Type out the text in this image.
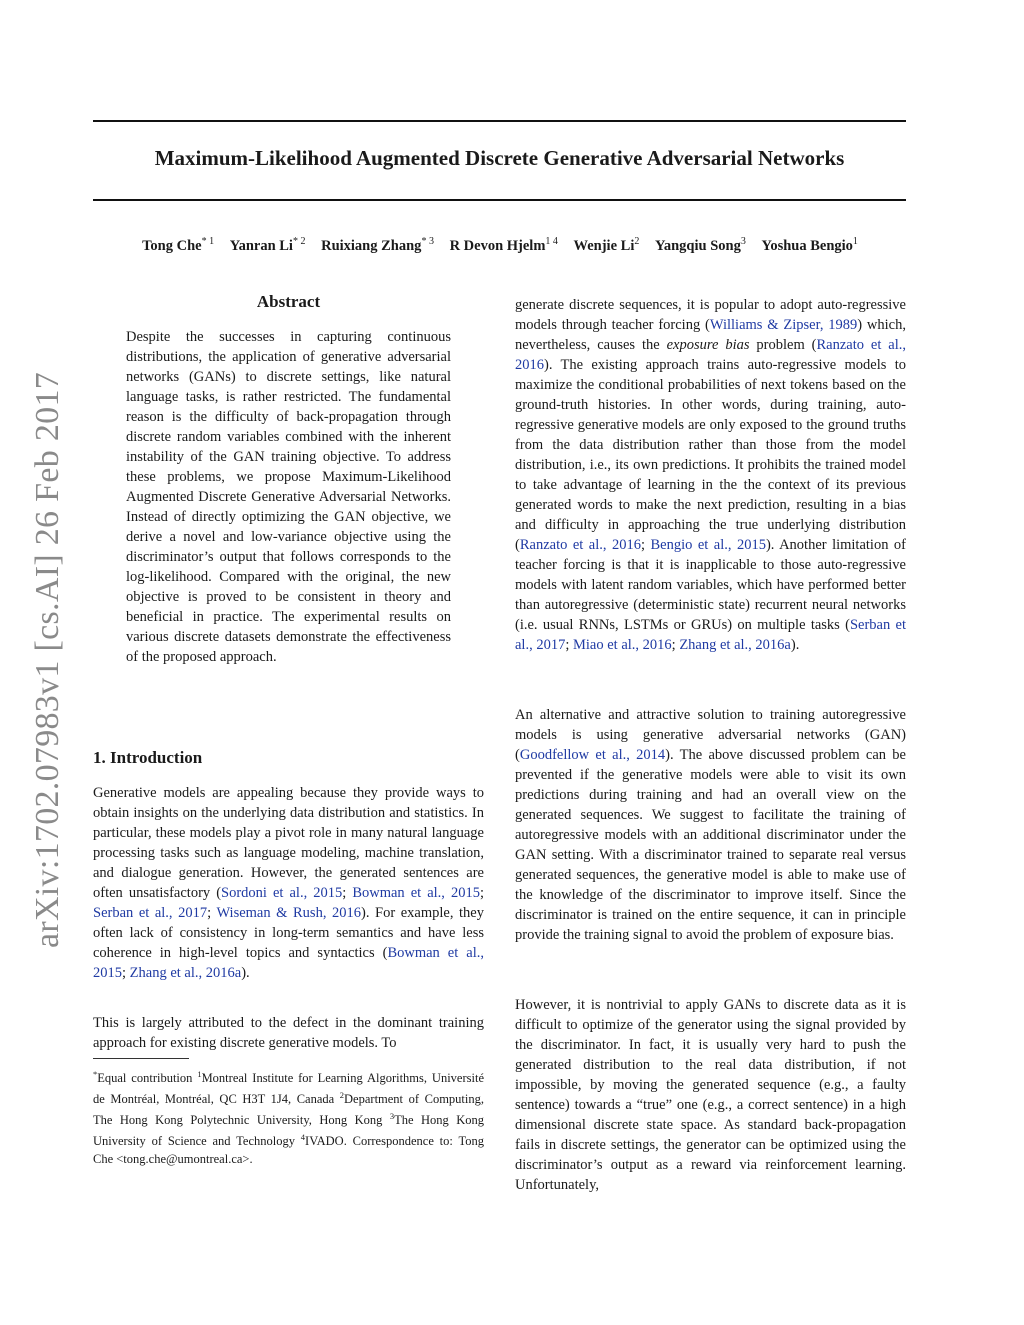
arXiv:1702.07983v1 [cs.AI] 26 Feb 2017
Maximum-Likelihood Augmented Discrete Generative Adversarial Networks

Tong Che$^{* 1}$ Yanran Li$^{* 2}$ Ruixiang Zhang$^{* 3}$ R Devon Hjelm$^{1 4}$ Wenjie Li$^2$ Yangqiu Song$^3$ Yoshua Bengio$^1$

Abstract

Despite the successes in capturing continuous distributions, the application of generative adversarial networks (GANs) to discrete settings, like natural language tasks, is rather restricted. The fundamental reason is the difficulty of back-propagation through discrete random variables combined with the inherent instability of the GAN training objective. To address these problems, we propose Maximum-Likelihood Augmented Discrete Generative Adversarial Networks. Instead of directly optimizing the GAN objective, we derive a novel and low-variance objective using the discriminator’s output that follows corresponds to the log-likelihood. Compared with the original, the new objective is proved to be consistent in theory and beneficial in practice. The experimental results on various discrete datasets demonstrate the effectiveness of the proposed approach.

1. Introduction

Generative models are appealing because they provide ways to obtain insights on the underlying data distribution and statistics. In particular, these models play a pivot role in many natural language processing tasks such as language modeling, machine translation, and dialogue generation. However, the generated sentences are often unsatisfactory (Sordoni et al., 2015; Bowman et al., 2015; Serban et al., 2017; Wiseman & Rush, 2016). For example, they often lack of consistency in long-term semantics and have less coherence in high-level topics and syntactics (Bowman et al., 2015; Zhang et al., 2016a).

This is largely attributed to the defect in the dominant training approach for existing discrete generative models. To

*Equal contribution $^1$Montreal Institute for Learning Algorithms, Université de Montréal, Montréal, QC H3T 1J4, Canada $^2$Department of Computing, The Hong Kong Polytechnic University, Hong Kong $^3$The Hong Kong University of Science and Technology $^4$IVADO. Correspondence to: Tong Che <tong.che@umontreal.ca>.

generate discrete sequences, it is popular to adopt auto-regressive models through teacher forcing (Williams & Zipser, 1989) which, nevertheless, causes the exposure bias problem (Ranzato et al., 2016). The existing approach trains auto-regressive models to maximize the conditional probabilities of next tokens based on the ground-truth histories. In other words, during training, auto-regressive generative models are only exposed to the ground truths from the data distribution rather than those from the model distribution, i.e., its own predictions. It prohibits the trained model to take advantage of learning in the the context of its previous generated words to make the next prediction, resulting in a bias and difficulty in approaching the true underlying distribution (Ranzato et al., 2016; Bengio et al., 2015). Another limitation of teacher forcing is that it is inapplicable to those auto-regressive models with latent random variables, which have performed better than autoregressive (deterministic state) recurrent neural networks (i.e. usual RNNs, LSTMs or GRUs) on multiple tasks (Serban et al., 2017; Miao et al., 2016; Zhang et al., 2016a).

An alternative and attractive solution to training autoregressive models is using generative adversarial networks (GAN) (Goodfellow et al., 2014). The above discussed problem can be prevented if the generative models were able to visit its own predictions during training and had an overall view on the generated sequences. We suggest to facilitate the training of autoregressive models with an additional discriminator under the GAN setting. With a discriminator trained to separate real versus generated sequences, the generative model is able to make use of the knowledge of the discriminator to improve itself. Since the discriminator is trained on the entire sequence, it can in principle provide the training signal to avoid the problem of exposure bias.

However, it is nontrivial to apply GANs to discrete data as it is difficult to optimize of the generator using the signal provided by the discriminator. In fact, it is usually very hard to push the generated distribution to the real data distribution, if not impossible, by moving the generated sequence (e.g., a faulty sentence) towards a “true” one (e.g., a correct sentence) in a high dimensional discrete state space. As standard back-propagation fails in discrete settings, the generator can be optimized using the discriminator’s output as a reward via reinforcement learning. Unfortunately,
